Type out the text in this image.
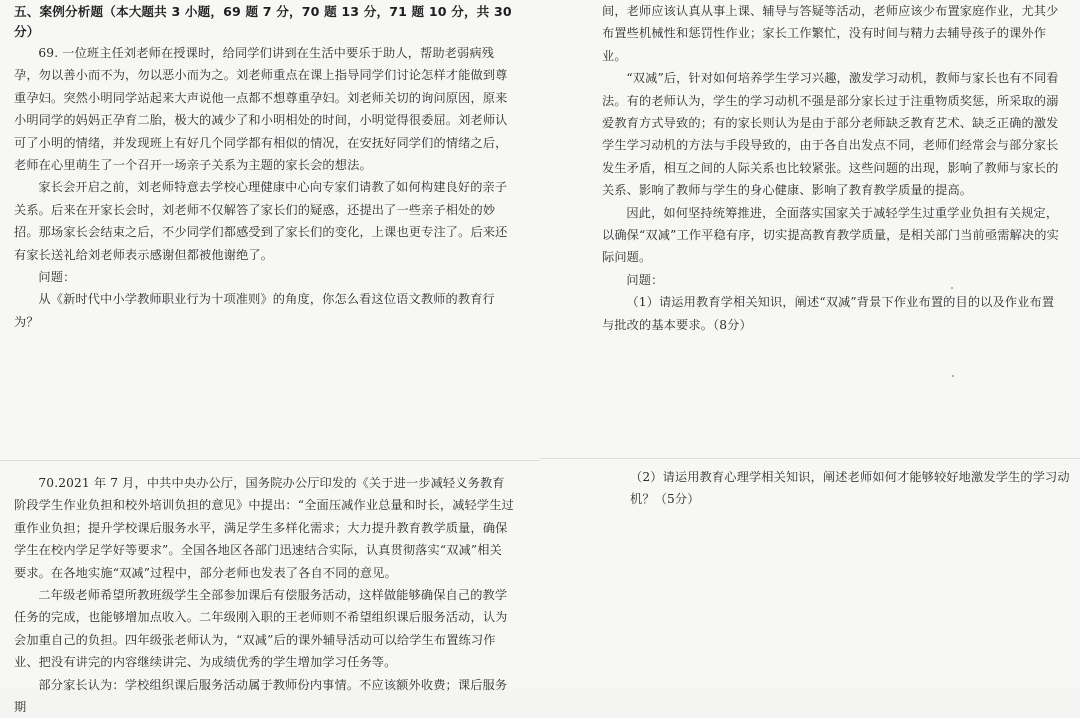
五、案例分析题（本大题共 3 小题，69 题 7 分，70 题 13 分，71 题 10 分，共 30 分）

69. 一位班主任刘老师在授课时，给同学们讲到在生活中要乐于助人，帮助老弱病残孕，勿以善小而不为，勿以恶小而为之。刘老师重点在课上指导同学们讨论怎样才能做到尊重孕妇。突然小明同学站起来大声说他一点都不想尊重孕妇。刘老师关切的询问原因，原来小明同学的妈妈正孕育二胎，极大的减少了和小明相处的时间，小明觉得很委屈。刘老师认可了小明的情绪，并发现班上有好几个同学都有相似的情况，在安抚好同学们的情绪之后，老师在心里萌生了一个召开一场亲子关系为主题的家长会的想法。

家长会开启之前，刘老师特意去学校心理健康中心向专家们请教了如何构建良好的亲子关系。后来在开家长会时，刘老师不仅解答了家长们的疑惑，还提出了一些亲子相处的妙招。那场家长会结束之后，不少同学们都感受到了家长们的变化，上课也更专注了。后来还有家长送礼给刘老师表示感谢但都被他谢绝了。

问题：

从《新时代中小学教师职业行为十项准则》的角度，你怎么看这位语文教师的教育行为？

70.2021 年 7 月，中共中央办公厅，国务院办公厅印发的《关于进一步减轻义务教育阶段学生作业负担和校外培训负担的意见》中提出：“全面压减作业总量和时长，减轻学生过重作业负担；提升学校课后服务水平，满足学生多样化需求；大力提升教育教学质量，确保学生在校内学足学好等要求”。全国各地区各部门迅速结合实际，认真贯彻落实“双减”相关要求。在各地实施“双减”过程中，部分老师也发表了各自不同的意见。

二年级老师希望所教班级学生全部参加课后有偿服务活动，这样做能够确保自己的教学任务的完成，也能够增加点收入。二年级刚入职的王老师则不希望组织课后服务活动，认为会加重自己的负担。四年级张老师认为，“双减”后的课外辅导活动可以给学生布置练习作业、把没有讲完的内容继续讲完、为成绩优秀的学生增加学习任务等。

部分家长认为：学校组织课后服务活动属于教师份内事情。不应该额外收费；课后服务期

间，老师应该认真从事上课、辅导与答疑等活动，老师应该少布置家庭作业，尤其少布置些机械性和惩罚性作业；家长工作繁忙，没有时间与精力去辅导孩子的课外作业。

“双减”后，针对如何培养学生学习兴趣，激发学习动机，教师与家长也有不同看法。有的老师认为，学生的学习动机不强是部分家长过于注重物质奖惩，所采取的溺爱教育方式导致的；有的家长则认为是由于部分老师缺乏教育艺术、缺乏正确的激发学生学习动机的方法与手段导致的，由于各自出发点不同，老师们经常会与部分家长发生矛盾，相互之间的人际关系也比较紧张。这些问题的出现，影响了教师与家长的关系、影响了教师与学生的身心健康、影响了教育教学质量的提高。

因此，如何坚持统筹推进，全面落实国家关于减轻学生过重学业负担有关规定，以确保“双减”工作平稳有序，切实提高教育教学质量，是相关部门当前亟需解决的实际问题。

问题：

（1）请运用教育学相关知识，阐述“双减”背景下作业布置的目的以及作业布置与批改的基本要求。（8分）

（2）请运用教育心理学相关知识，阐述老师如何才能够较好地激发学生的学习动机？（5分）
